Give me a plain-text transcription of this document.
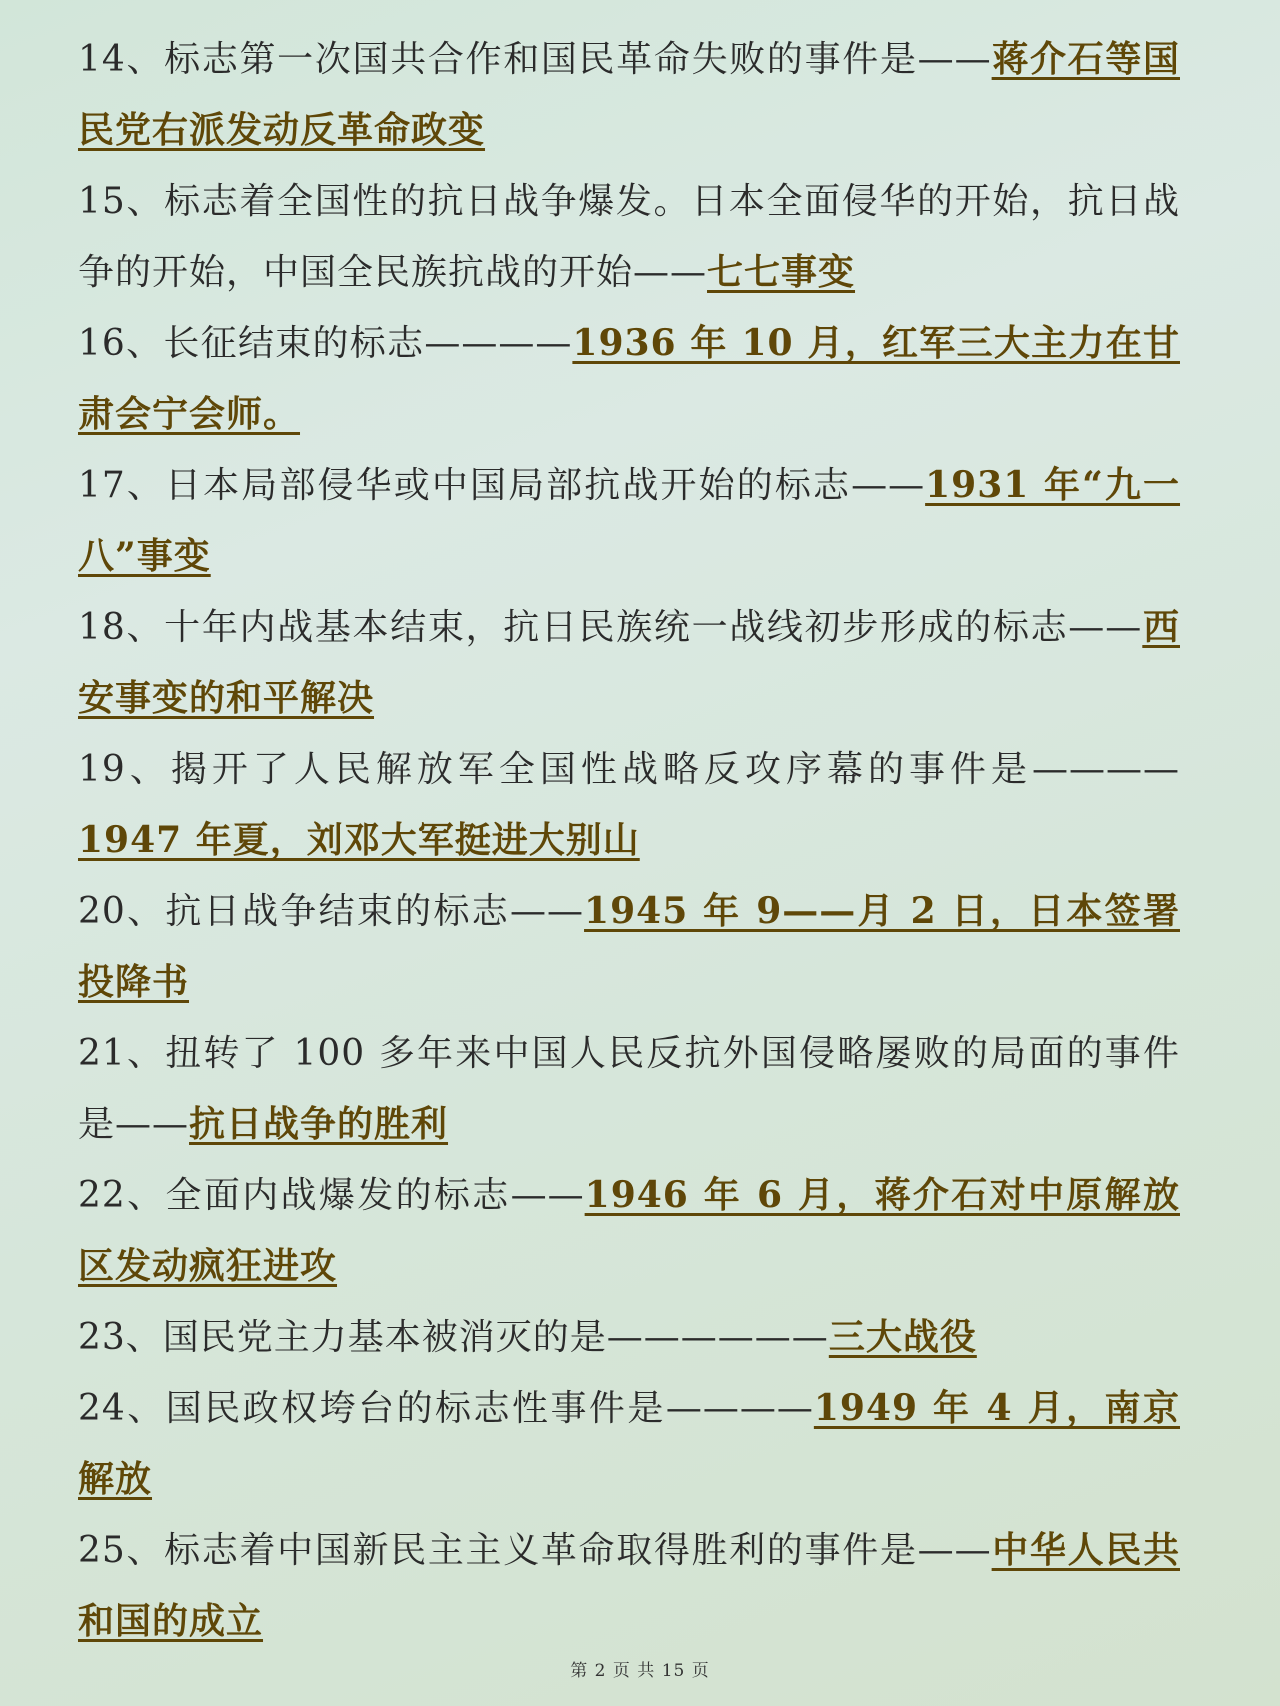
14、标志第一次国共合作和国民革命失败的事件是——蒋介石等国民党右派发动反革命政变
15、标志着全国性的抗日战争爆发。日本全面侵华的开始，抗日战争的开始，中国全民族抗战的开始——七七事变
16、长征结束的标志————1936 年 10 月，红军三大主力在甘肃会宁会师。
17、日本局部侵华或中国局部抗战开始的标志——1931 年“九一八”事变
18、十年内战基本结束，抗日民族统一战线初步形成的标志——西安事变的和平解决
19、揭开了人民解放军全国性战略反攻序幕的事件是————1947 年夏，刘邓大军挺进大别山
20、抗日战争结束的标志——1945 年 9——月 2 日，日本签署投降书
21、扭转了 100 多年来中国人民反抗外国侵略屡败的局面的事件是——抗日战争的胜利
22、全面内战爆发的标志——1946 年 6 月，蒋介石对中原解放区发动疯狂进攻
23、国民党主力基本被消灭的是——————三大战役
24、国民政权垮台的标志性事件是————1949 年 4 月，南京解放
25、标志着中国新民主主义革命取得胜利的事件是——中华人民共和国的成立
第 2 页 共 15 页
